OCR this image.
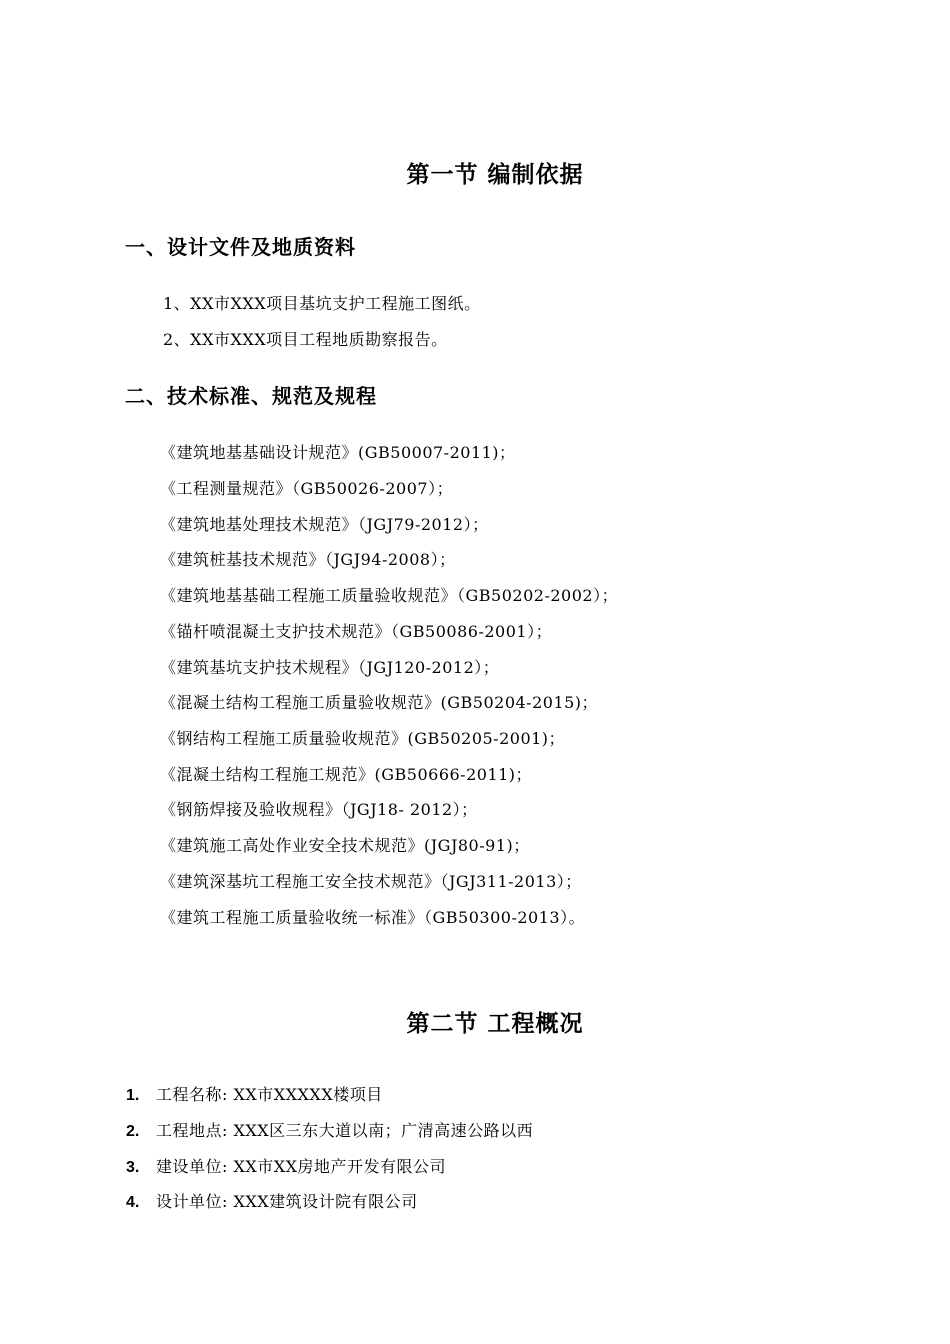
第一节 编制依据
一、设计文件及地质资料
1、XX市XXX项目基坑支护工程施工图纸。
2、XX市XXX项目工程地质勘察报告。
二、技术标准、规范及规程
《建筑地基基础设计规范》(GB50007-2011)；
《工程测量规范》（GB50026-2007）；
《建筑地基处理技术规范》（JGJ79-2012）；
《建筑桩基技术规范》（JGJ94-2008）；
《建筑地基基础工程施工质量验收规范》（GB50202-2002）；
《锚杆喷混凝土支护技术规范》（GB50086-2001）；
《建筑基坑支护技术规程》（JGJ120-2012）；
《混凝土结构工程施工质量验收规范》(GB50204-2015)；
《钢结构工程施工质量验收规范》(GB50205-2001)；
《混凝土结构工程施工规范》(GB50666-2011)；
《钢筋焊接及验收规程》（JGJ18- 2012）；
《建筑施工高处作业安全技术规范》(JGJ80-91)；
《建筑深基坑工程施工安全技术规范》（JGJ311-2013）；
《建筑工程施工质量验收统一标准》（GB50300-2013）。
第二节 工程概况
1. 工程名称: XX市XXXXX楼项目
2. 工程地点: XXX区三东大道以南；广清高速公路以西
3. 建设单位: XX市XX房地产开发有限公司
4. 设计单位: XXX建筑设计院有限公司
